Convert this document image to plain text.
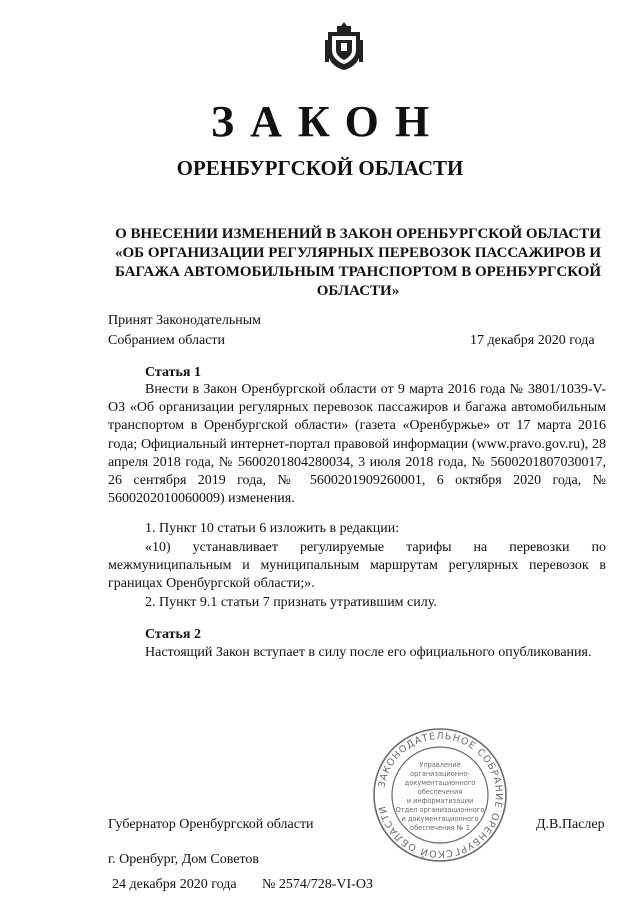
ЗАКОН
ОРЕНБУРГСКОЙ ОБЛАСТИ
О ВНЕСЕНИИ ИЗМЕНЕНИЙ В ЗАКОН ОРЕНБУРГСКОЙ ОБЛАСТИ «ОБ ОРГАНИЗАЦИИ РЕГУЛЯРНЫХ ПЕРЕВОЗОК ПАССАЖИРОВ И БАГАЖА АВТОМОБИЛЬНЫМ ТРАНСПОРТОМ В ОРЕНБУРГСКОЙ ОБЛАСТИ»
Принят Законодательным
Собранием области	17 декабря 2020 года
Статья 1

Внести в Закон Оренбургской области от 9 марта 2016 года № 3801/1039-V-ОЗ «Об организации регулярных перевозок пассажиров и багажа автомобильным транспортом в Оренбургской области» (газета «Оренбуржье» от 17 марта 2016 года; Официальный интернет-портал правовой информации (www.pravo.gov.ru), 28 апреля 2018 года, № 5600201804280034, 3 июля 2018 года, № 5600201807030017, 26 сентября 2019 года, № 5600201909260001, 6 октября 2020 года, № 5600202010060009) изменения.

1. Пункт 10 статьи 6 изложить в редакции:

«10) устанавливает регулируемые тарифы на перевозки по межмуниципальным и муниципальным маршрутам регулярных перевозок в границах Оренбургской области;».

2. Пункт 9.1 статьи 7 признать утратившим силу.

Статья 2

Настоящий Закон вступает в силу после его официального опубликования.

ЗАКОНОДАТЕЛЬНОЕ СОБРАНИЕ ОРЕНБУРГСКОЙ ОБЛАСТИ
Управление
организационно-
документационного
обеспечения
и информатизации
Отдел организационного
и документационного
обеспечения № 1
Губернатор Оренбургской области	Д.В.Паслер
г. Оренбург, Дом Советов
24 декабря 2020 года № 2574/728-VI-ОЗ
